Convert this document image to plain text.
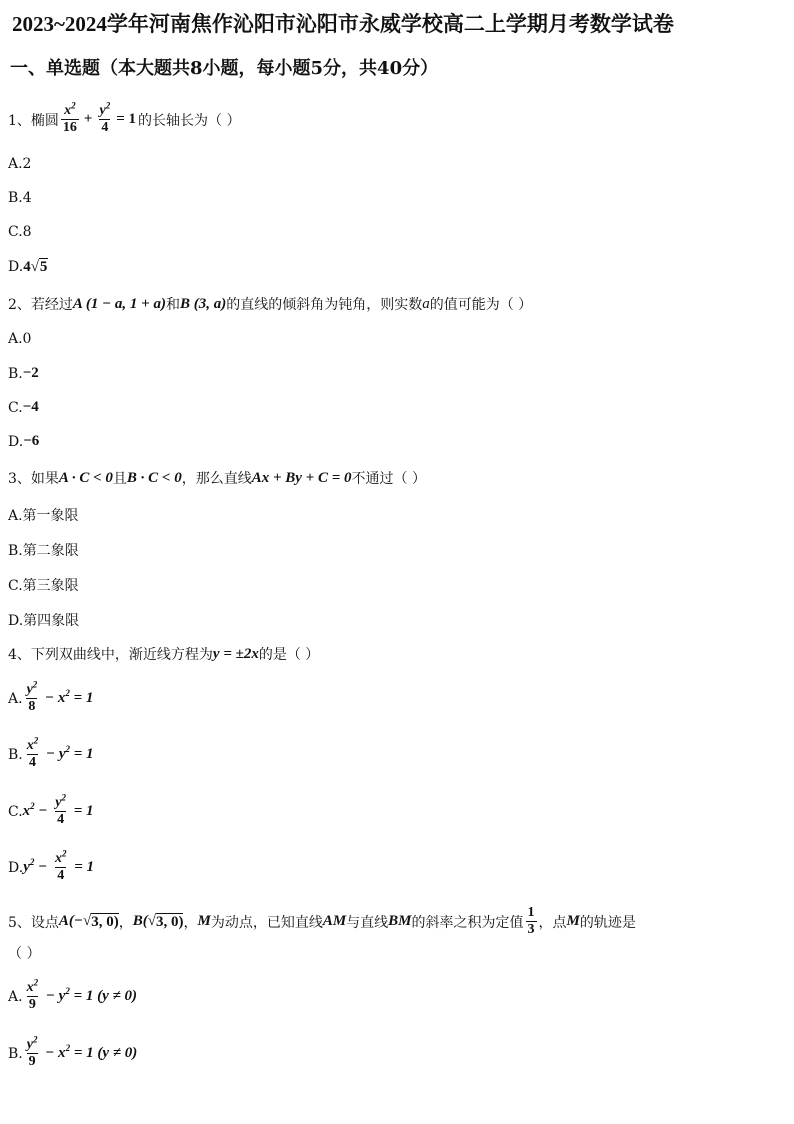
2023~2024学年河南焦作沁阳市沁阳市永威学校高二上学期月考数学试卷
一、单选题（本大题共8小题，每小题5分，共40分）
1、椭圆 $\frac{x^2}{16} + \frac{y^2}{4} = 1$ 的长轴长为（ ）
A.2
B.4
C.8
D. 4 √ 5
2、若经过 A (1 − a, 1 + a) 和 B (3, a) 的直线的倾斜角为钝角，则实数 a 的值可能为（ ）
A.0
B. −2
C. −4
D. −6
3、如果 A · C < 0 且 B · C < 0 ，那么直线 Ax + By + C = 0 不通过（ ）
A.第一象限
B.第二象限
C.第三象限
D.第四象限
4、下列双曲线中，渐近线方程为 y = ±2x 的是（ ）
A. $\frac{y^2}{8} - x^2 = 1$
B. $\frac{x^2}{4} - y^2 = 1$
C. $x^2 - \frac{y^2}{4} = 1$
D. $y^2 - \frac{x^2}{4} = 1$
5、设点 A(− √ 3, 0) ， B( √ 3, 0) ， M 为动点，已知直线 AM 与直线 BM 的斜率之积为定值 $\frac{1}{3}$ ，点 M 的轨迹是
（ ）
A. $\frac{x^2}{9} - y^2 = 1$ (y ≠ 0)
B. $\frac{y^2}{9} - x^2 = 1$ (y ≠ 0)
